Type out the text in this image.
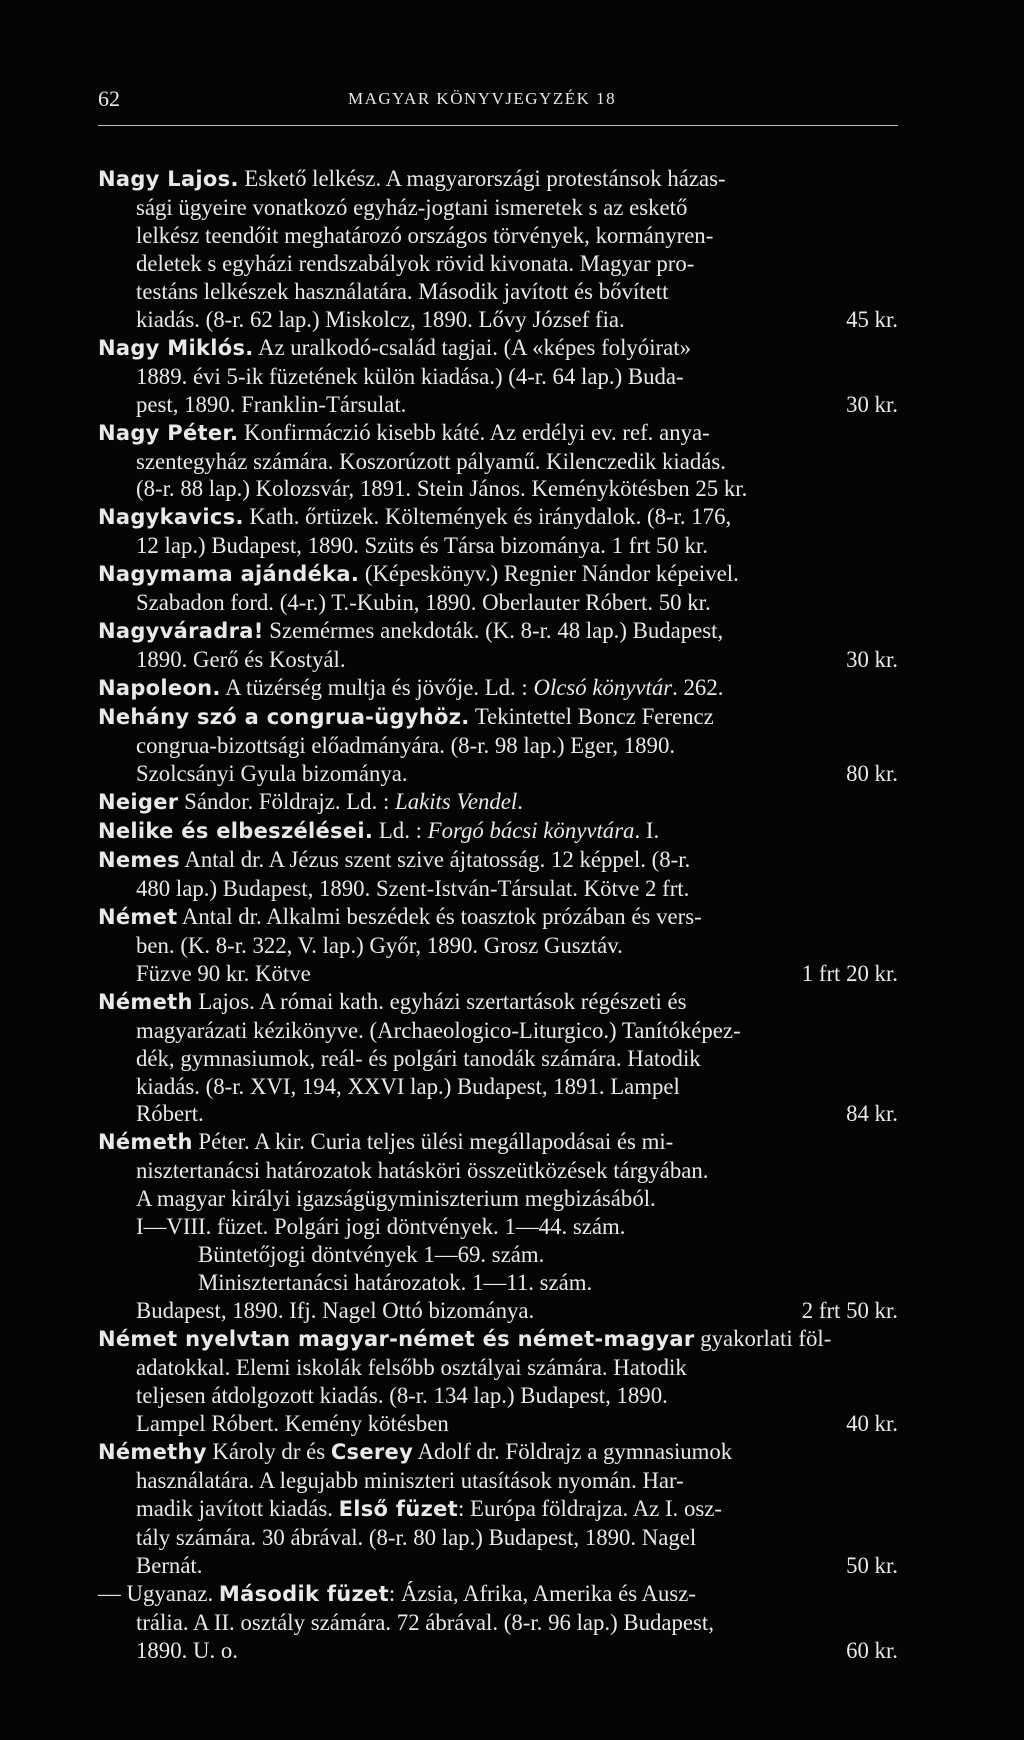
62	MAGYAR KÖNYVJEGYZÉK 18
Nagy Lajos. Eskető lelkész. A magyarországi protestánsok házas-
sági ügyeire vonatkozó egyház-jogtani ismeretek s az eskető
lelkész teendőit meghatározó országos törvények, kormányren-
deletek s egyházi rendszabályok rövid kivonata. Magyar pro-
testáns lelkészek használatára. Második javított és bővített
kiadás. (8-r. 62 lap.) Miskolcz, 1890. Lővy József fia.	45 kr.
Nagy Miklós. Az uralkodó-család tagjai. (A «képes folyóirat»
1889. évi 5-ik füzetének külön kiadása.) (4-r. 64 lap.) Buda-
pest, 1890. Franklin-Társulat.	30 kr.
Nagy Péter. Konfirmáczió kisebb káté. Az erdélyi ev. ref. anya-
szentegyház számára. Koszorúzott pályamű. Kilenczedik kiadás.
(8-r. 88 lap.) Kolozsvár, 1891. Stein János. Keménykötésben 25 kr.
Nagykavics. Kath. őrtüzek. Költemények és iránydalok. (8-r. 176,
12 lap.) Budapest, 1890. Szüts és Társa bizománya. 1 frt 50 kr.
Nagymama ajándéka. (Képeskönyv.) Regnier Nándor képeivel.
Szabadon ford. (4-r.) T.-Kubin, 1890. Oberlauter Róbert. 50 kr.
Nagyváradra! Szemérmes anekdoták. (K. 8-r. 48 lap.) Budapest,
1890. Gerő és Kostyál.	30 kr.
Napoleon. A tüzérség multja és jövője. Ld. : Olcsó könyvtár. 262.
Nehány szó a congrua-ügyhöz. Tekintettel Boncz Ferencz
congrua-bizottsági előadmányára. (8-r. 98 lap.) Eger, 1890.
Szolcsányi Gyula bizománya.	80 kr.
Neiger Sándor. Földrajz. Ld. : Lakits Vendel.
Nelike és elbeszélései. Ld. : Forgó bácsi könyvtára. I.
Nemes Antal dr. A Jézus szent szive ájtatosság. 12 képpel. (8-r.
480 lap.) Budapest, 1890. Szent-István-Társulat. Kötve 2 frt.
Német Antal dr. Alkalmi beszédek és toasztok prózában és vers-
ben. (K. 8-r. 322, V. lap.) Győr, 1890. Grosz Gusztáv.
Füzve 90 kr. Kötve	1 frt 20 kr.
Németh Lajos. A római kath. egyházi szertartások régészeti és
magyarázati kézikönyve. (Archaeologico-Liturgico.) Tanítóképez-
dék, gymnasiumok, reál- és polgári tanodák számára. Hatodik
kiadás. (8-r. XVI, 194, XXVI lap.) Budapest, 1891. Lampel
Róbert.	84 kr.
Németh Péter. A kir. Curia teljes ülési megállapodásai és mi-
nisztertanácsi határozatok hatásköri összeütközések tárgyában.
A magyar királyi igazságügyminiszterium megbizásából.
I—VIII. füzet. Polgári jogi döntvények. 1—44. szám.
Büntetőjogi döntvények 1—69. szám.
Minisztertanácsi határozatok. 1—11. szám.
Budapest, 1890. Ifj. Nagel Ottó bizománya.	2 frt 50 kr.
Német nyelvtan magyar-német és német-magyar gyakorlati föl-
adatokkal. Elemi iskolák felsőbb osztályai számára. Hatodik
teljesen átdolgozott kiadás. (8-r. 134 lap.) Budapest, 1890.
Lampel Róbert. Kemény kötésben	40 kr.
Némethy Károly dr és Cserey Adolf dr. Földrajz a gymnasiumok
használatára. A legujabb miniszteri utasítások nyomán. Har-
madik javított kiadás. Első füzet: Európa földrajza. Az I. osz-
tály számára. 30 ábrával. (8-r. 80 lap.) Budapest, 1890. Nagel
Bernát.	50 kr.
— Ugyanaz. Második füzet: Ázsia, Afrika, Amerika és Ausz-
trália. A II. osztály számára. 72 ábrával. (8-r. 96 lap.) Budapest,
1890. U. o.	60 kr.
